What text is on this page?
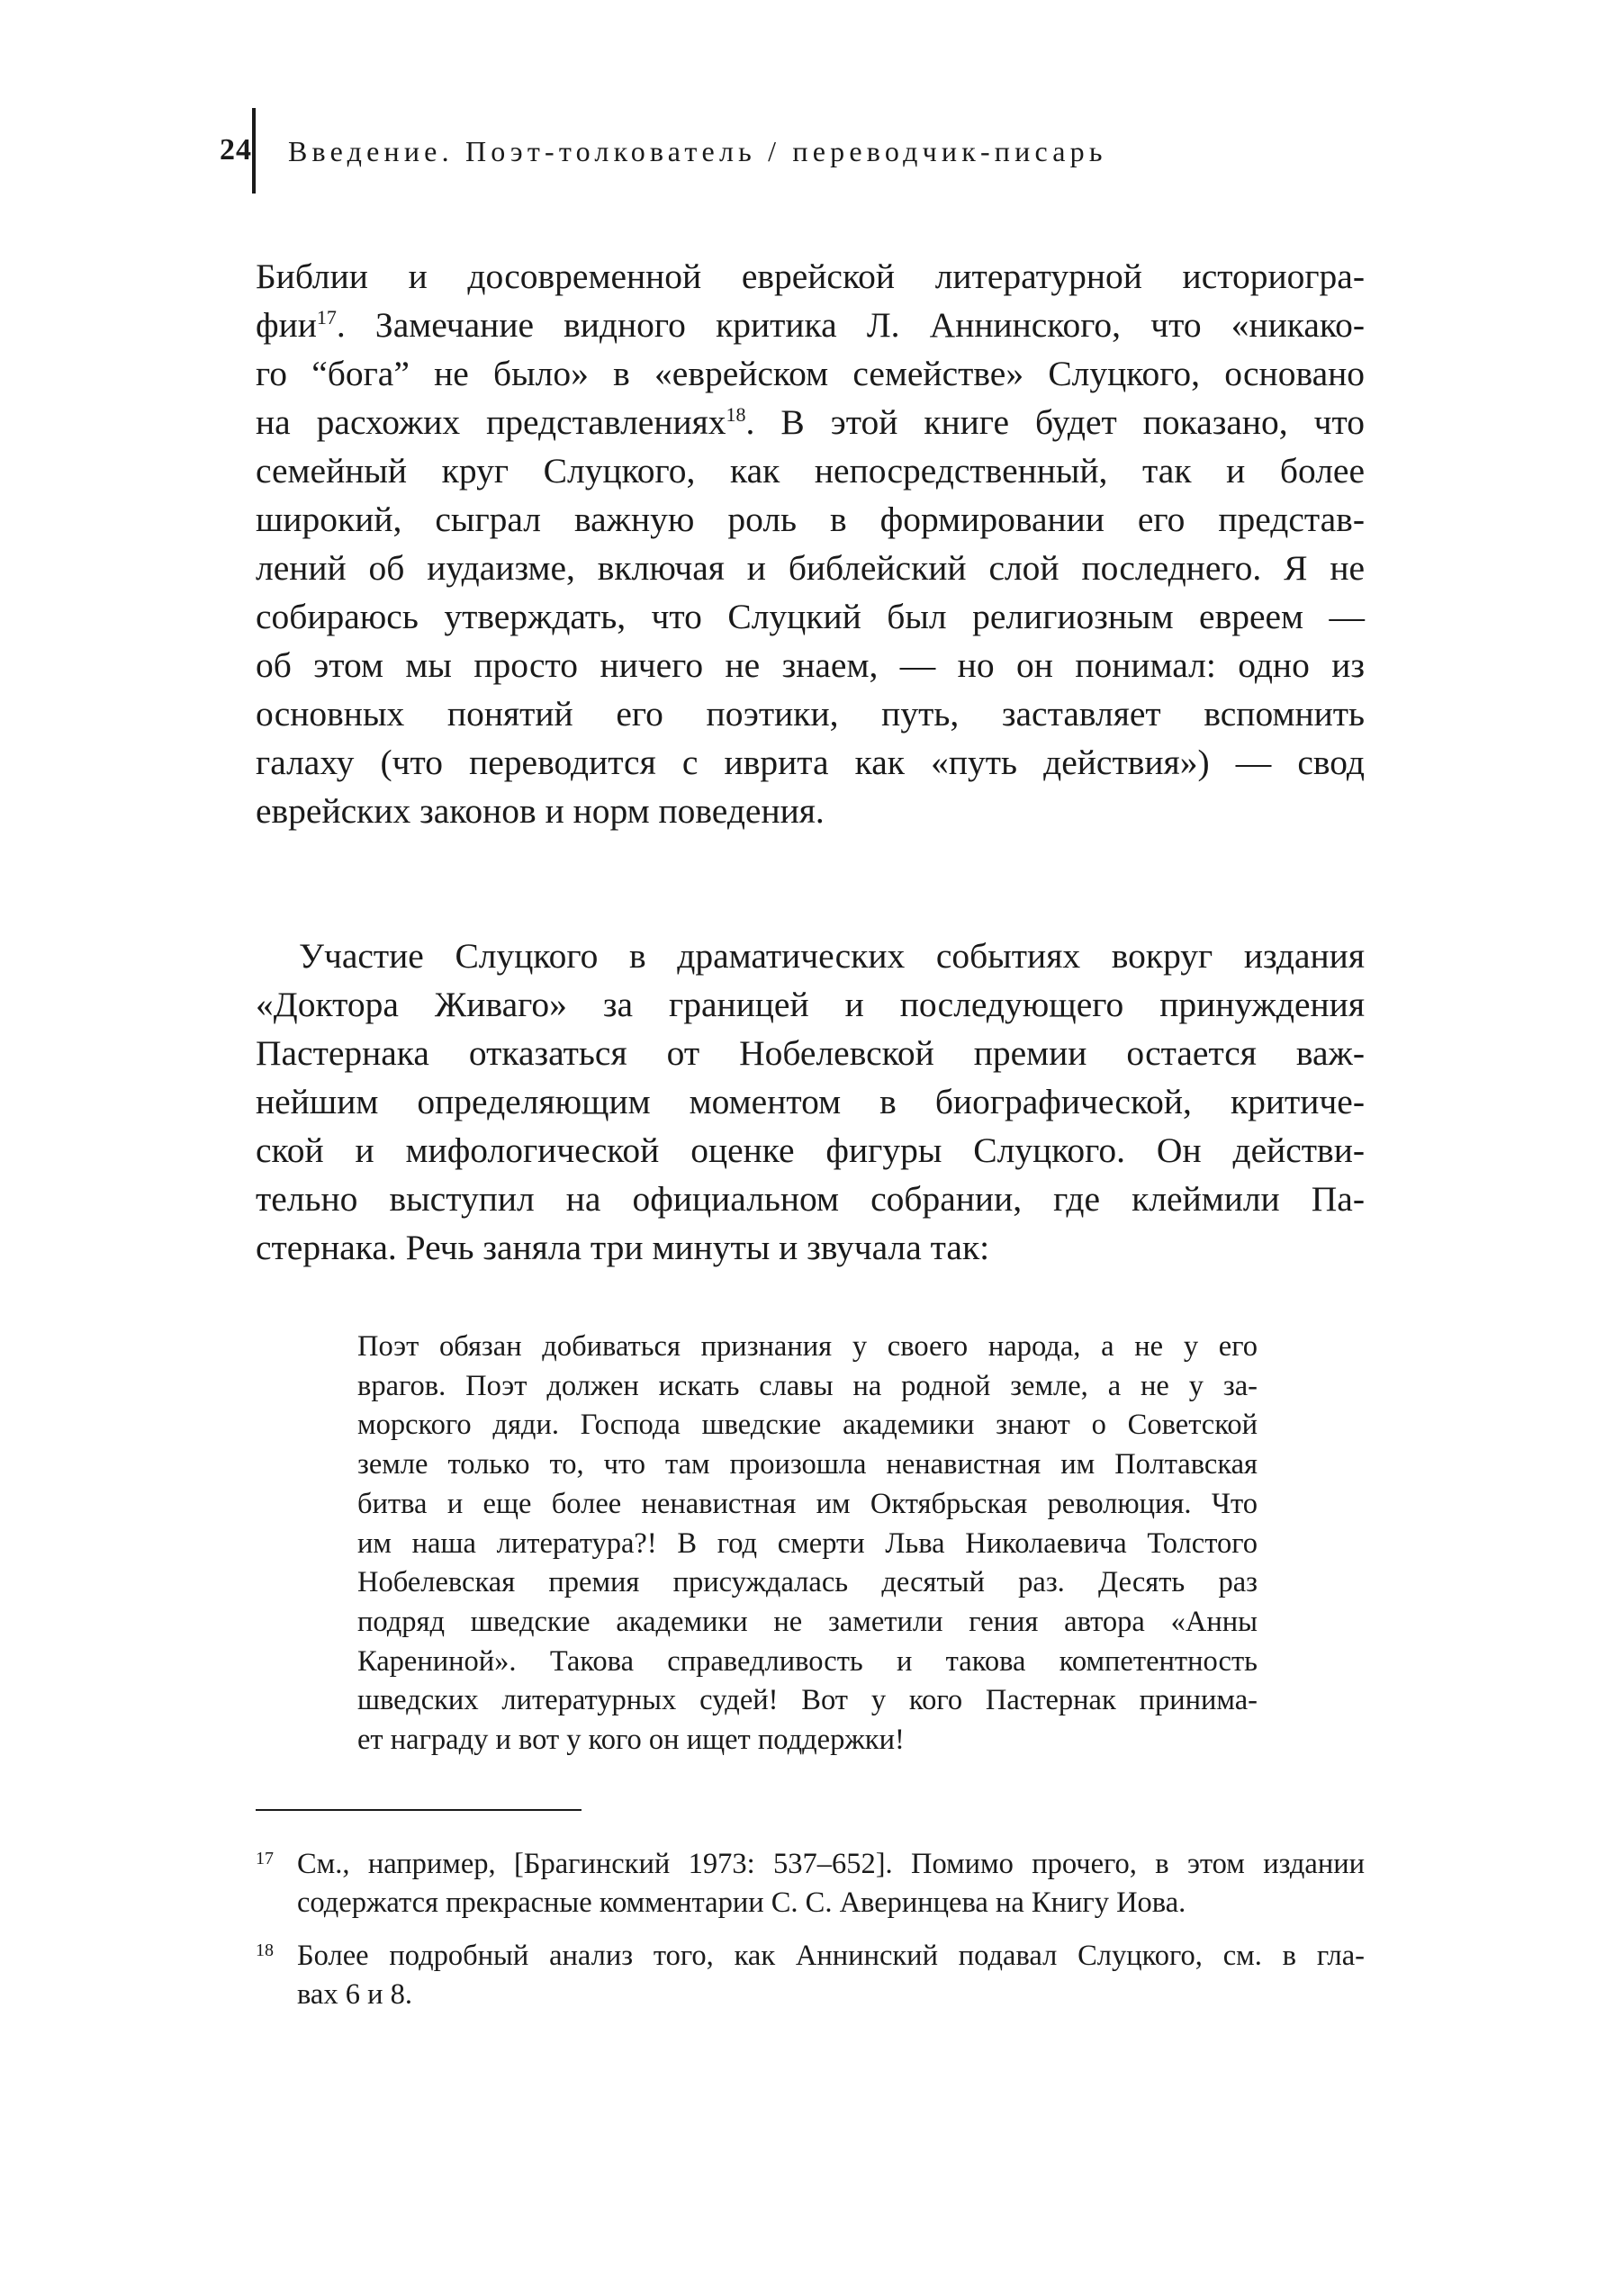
24 Введение. Поэт-толкователь / переводчик-писарь
Библии и досовременной еврейской литературной историогра-
фии$^{17}$. Замечание видного критика Л. Аннинского, что «никако-
го “бога” не было» в «еврейском семействе» Слуцкого, основано
на расхожих представлениях$^{18}$. В этой книге будет показано, что
семейный круг Слуцкого, как непосредственный, так и более
широкий, сыграл важную роль в формировании его представ-
лений об иудаизме, включая и библейский слой последнего. Я не
собираюсь утверждать, что Слуцкий был религиозным евреем —
об этом мы просто ничего не знаем, — но он понимал: одно из
основных понятий его поэтики, путь, заставляет вспомнить
галаху (что переводится с иврита как «путь действия») — свод
еврейских законов и норм поведения.
Участие Слуцкого в драматических событиях вокруг издания
«Доктора Живаго» за границей и последующего принуждения
Пастернака отказаться от Нобелевской премии остается важ-
нейшим определяющим моментом в биографической, критиче-
ской и мифологической оценке фигуры Слуцкого. Он действи-
тельно выступил на официальном собрании, где клеймили Па-
стернака. Речь заняла три минуты и звучала так:
Поэт обязан добиваться признания у своего народа, а не у его
врагов. Поэт должен искать славы на родной земле, а не у за-
морского дяди. Господа шведские академики знают о Советской
земле только то, что там произошла ненавистная им Полтавская
битва и еще более ненавистная им Октябрьская революция. Что
им наша литература?! В год смерти Льва Николаевича Толстого
Нобелевская премия присуждалась десятый раз. Десять раз
подряд шведские академики не заметили гения автора «Анны
Карениной». Такова справедливость и такова компетентность
шведских литературных судей! Вот у кого Пастернак принима-
ет награду и вот у кого он ищет поддержки!
17 См., например, [Брагинский 1973: 537–652]. Помимо прочего, в этом издании
содержатся прекрасные комментарии С. С. Аверинцева на Книгу Иова.
18 Более подробный анализ того, как Аннинский подавал Слуцкого, см. в гла-
вах 6 и 8.
